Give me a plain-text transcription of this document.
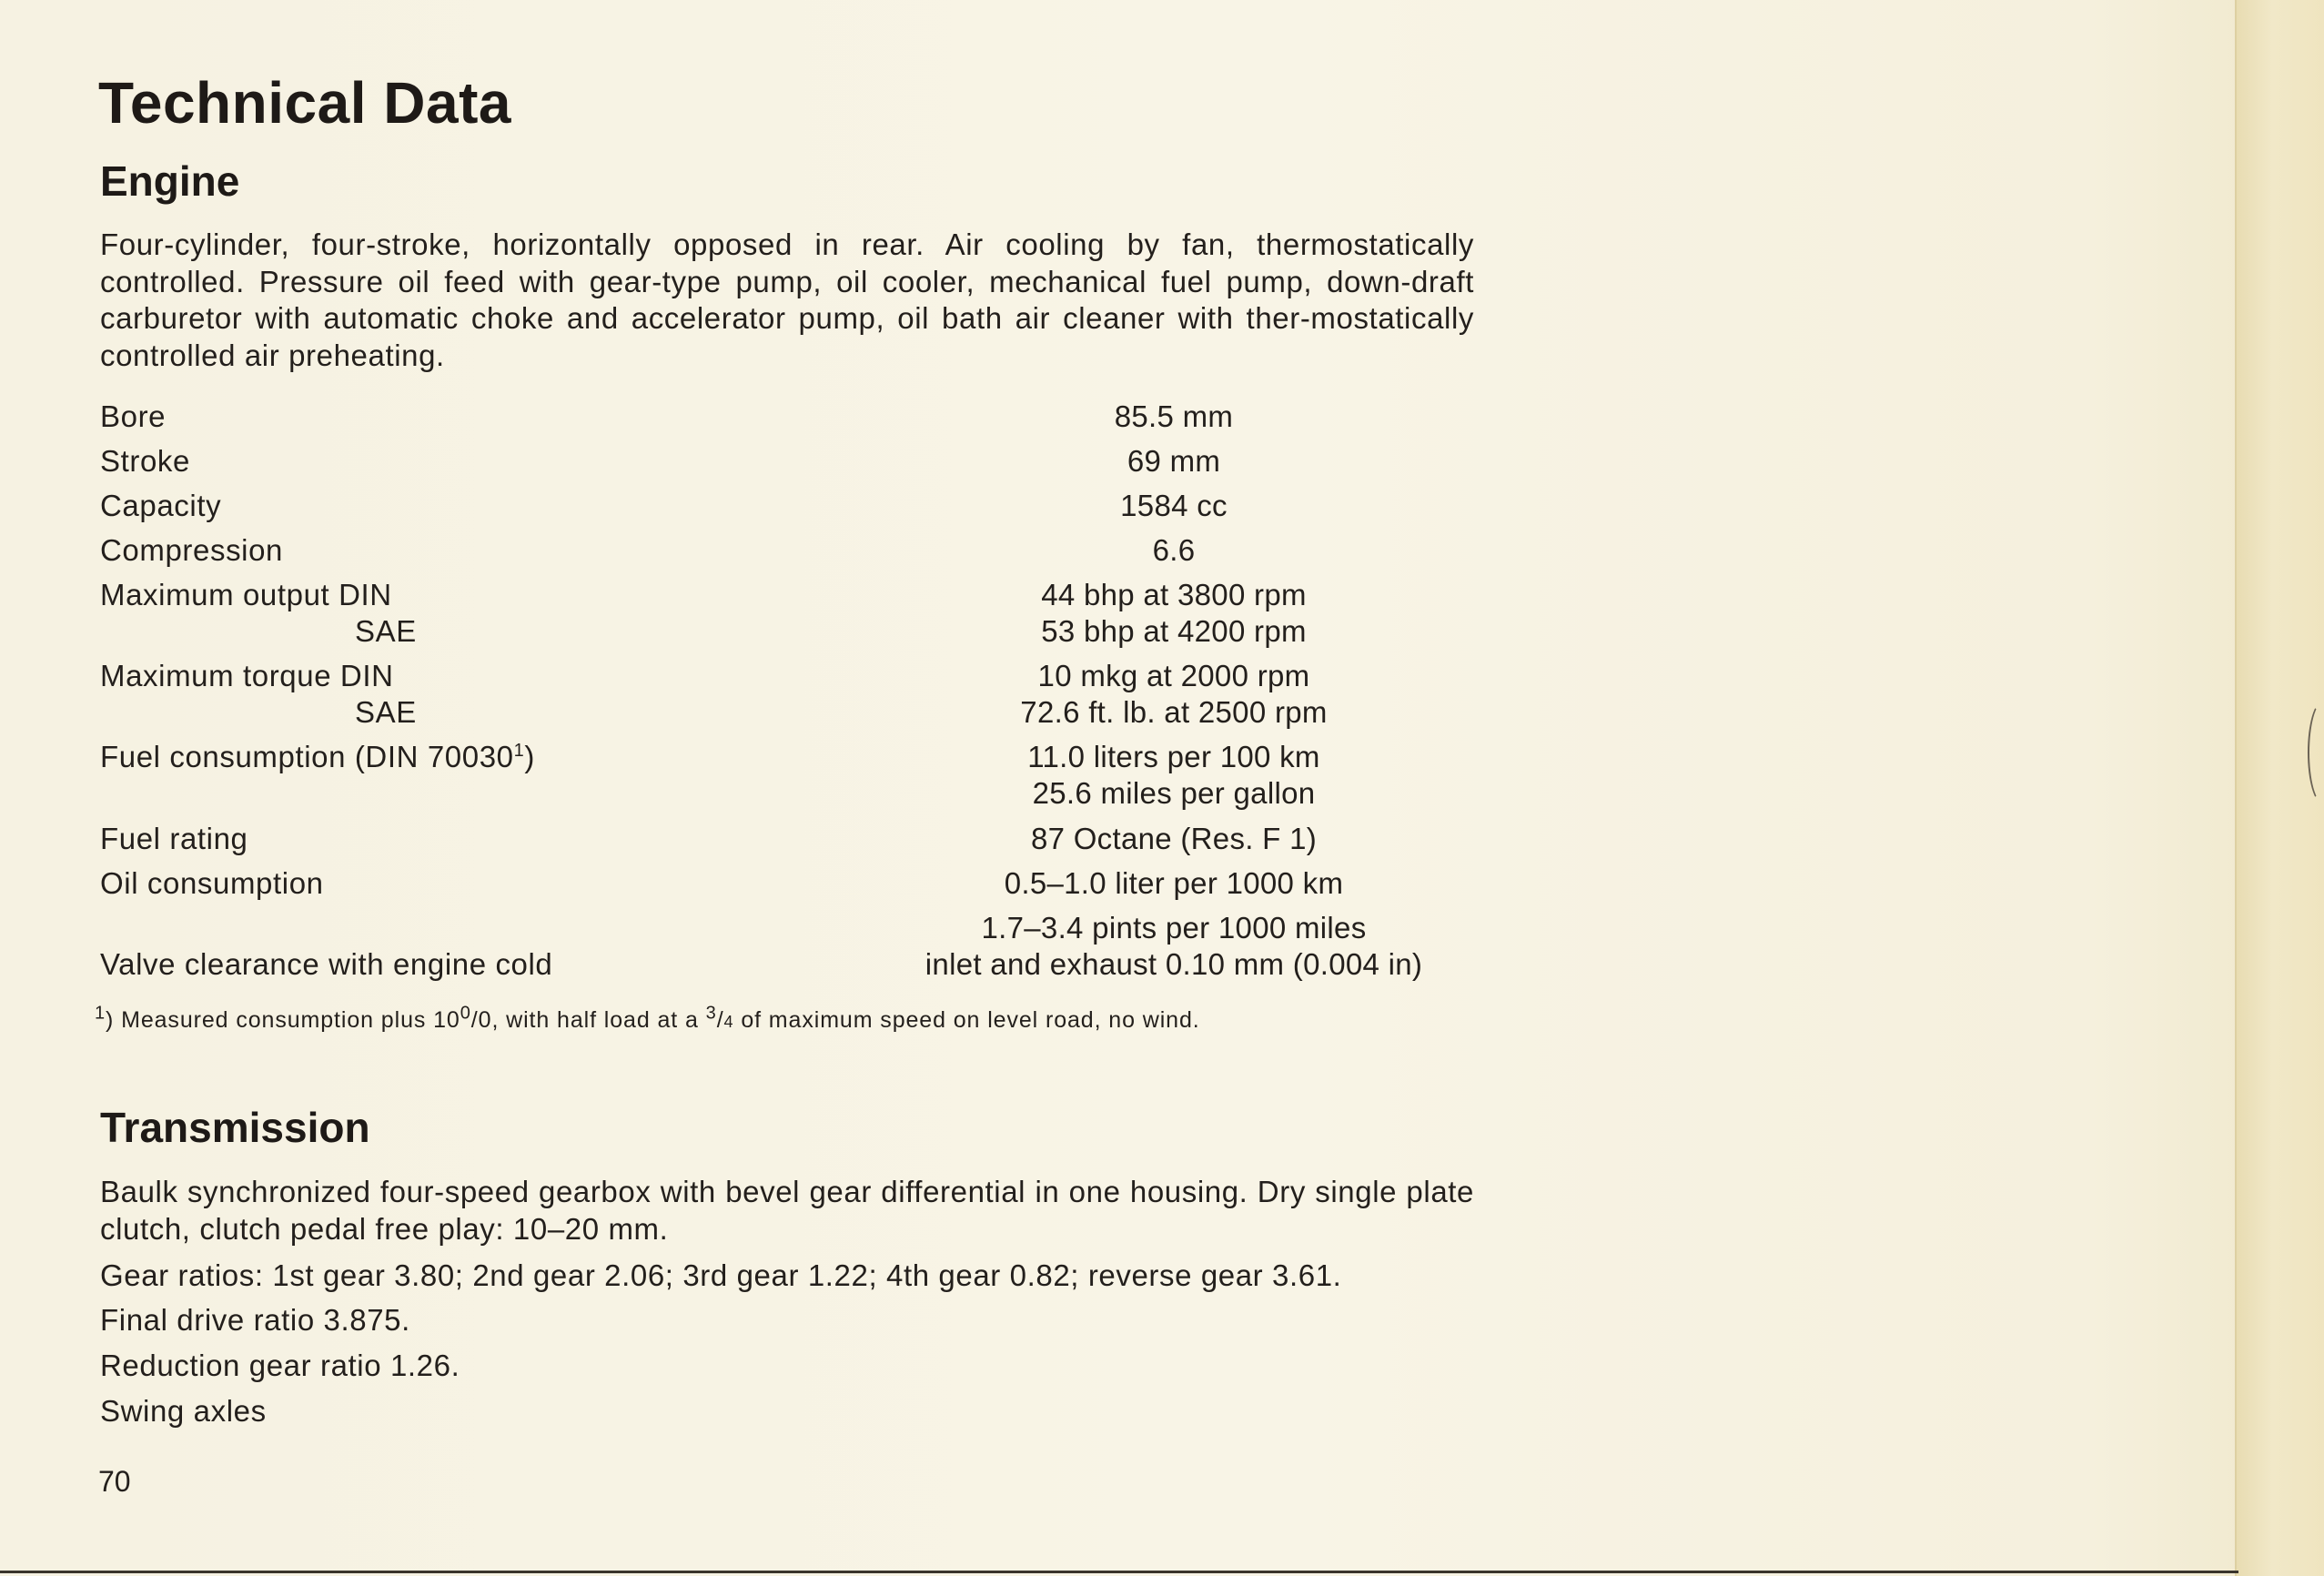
Technical Data
Engine
Four-cylinder, four-stroke, horizontally opposed in rear. Air cooling by fan, thermostatically controlled. Pressure oil feed with gear-type pump, oil cooler, mechanical fuel pump, down-draft carburetor with automatic choke and accelerator pump, oil bath air cleaner with ther-mostatically controlled air preheating.
Bore	85.5 mm
Stroke	69 mm
Capacity	1584 cc
Compression	6.6
Maximum output DIN	44 bhp at 3800 rpm
SAE	53 bhp at 4200 rpm
Maximum torque DIN	10 mkg at 2000 rpm
SAE	72.6 ft. lb. at 2500 rpm
Fuel consumption (DIN 70030$^1$)	11.0 liters per 100 km
25.6 miles per gallon
Fuel rating	87 Octane (Res. F 1)
Oil consumption	0.5–1.0 liter per 1000 km
1.7–3.4 pints per 1000 miles
Valve clearance with engine cold	inlet and exhaust 0.10 mm (0.004 in)
$^1$) Measured consumption plus $10^0/0$, with half load at a $^3$/4 of maximum speed on level road, no wind.
Transmission
Baulk synchronized four-speed gearbox with bevel gear differential in one housing. Dry single plate clutch, clutch pedal free play: 10–20 mm.
Gear ratios: 1st gear 3.80; 2nd gear 2.06; 3rd gear 1.22; 4th gear 0.82; reverse gear 3.61.
Final drive ratio 3.875.
Reduction gear ratio 1.26.
Swing axles
70
